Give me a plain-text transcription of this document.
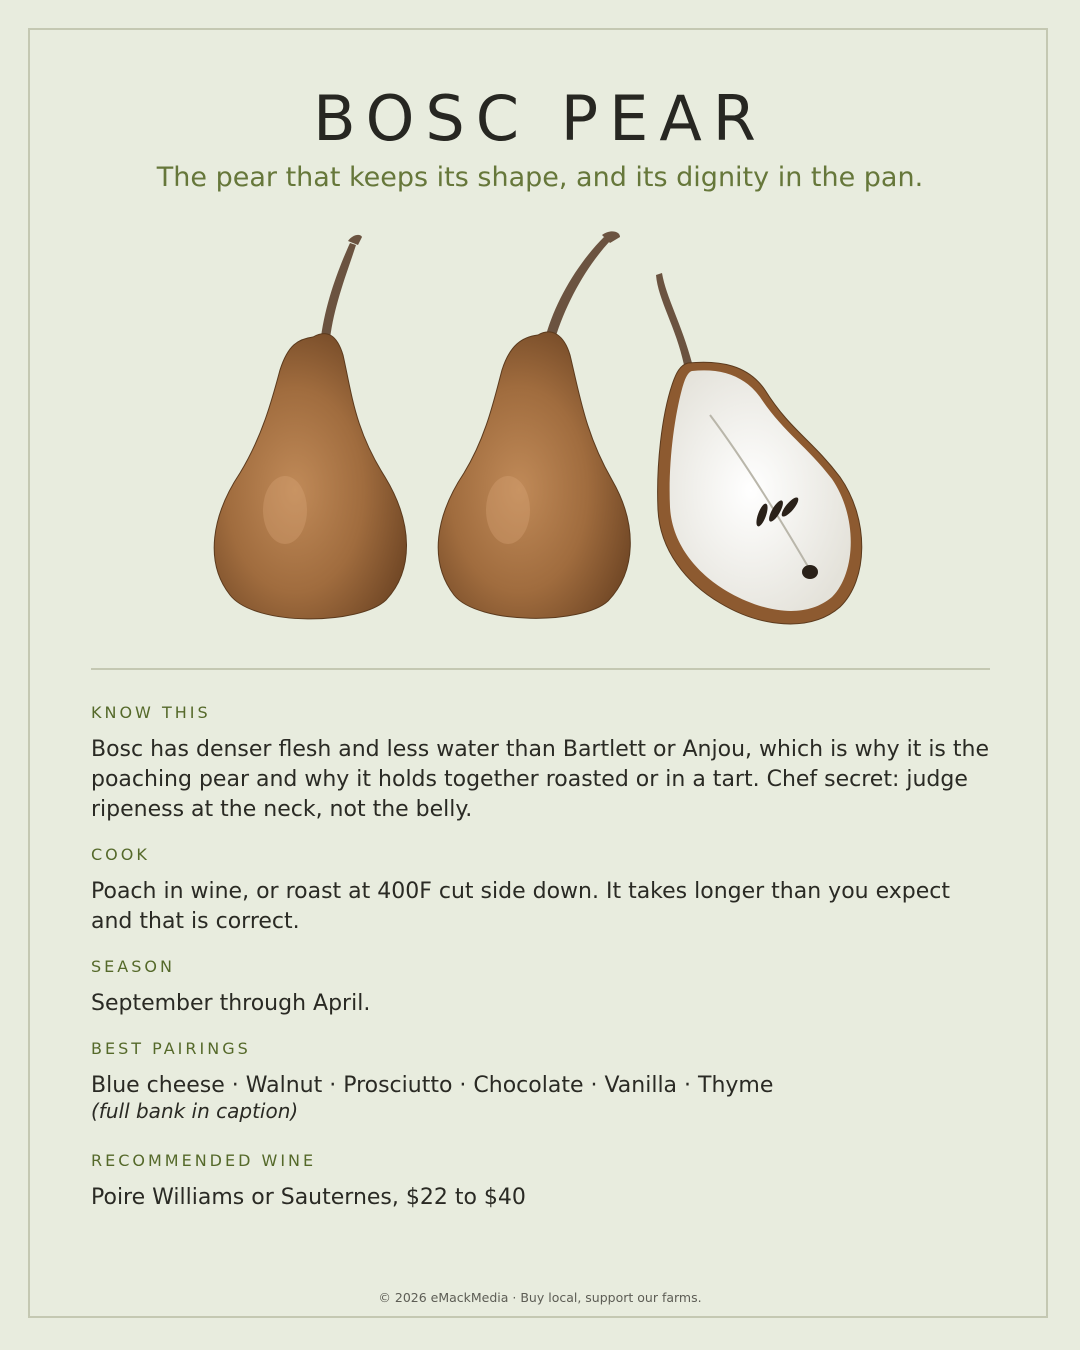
BOSC PEAR
The pear that keeps its shape, and its dignity in the pan.
KNOW THIS
Bosc has denser flesh and less water than Bartlett or Anjou, which is why it is the poaching pear and why it holds together roasted or in a tart. Chef secret: judge ripeness at the neck, not the belly.
COOK
Poach in wine, or roast at 400F cut side down. It takes longer than you expect and that is correct.
SEASON
September through April.
BEST PAIRINGS
Blue cheese · Walnut · Prosciutto · Chocolate · Vanilla · Thyme
(full bank in caption)
RECOMMENDED WINE
Poire Williams or Sauternes, $22 to $40
© 2026 eMackMedia · Buy local, support our farms.
